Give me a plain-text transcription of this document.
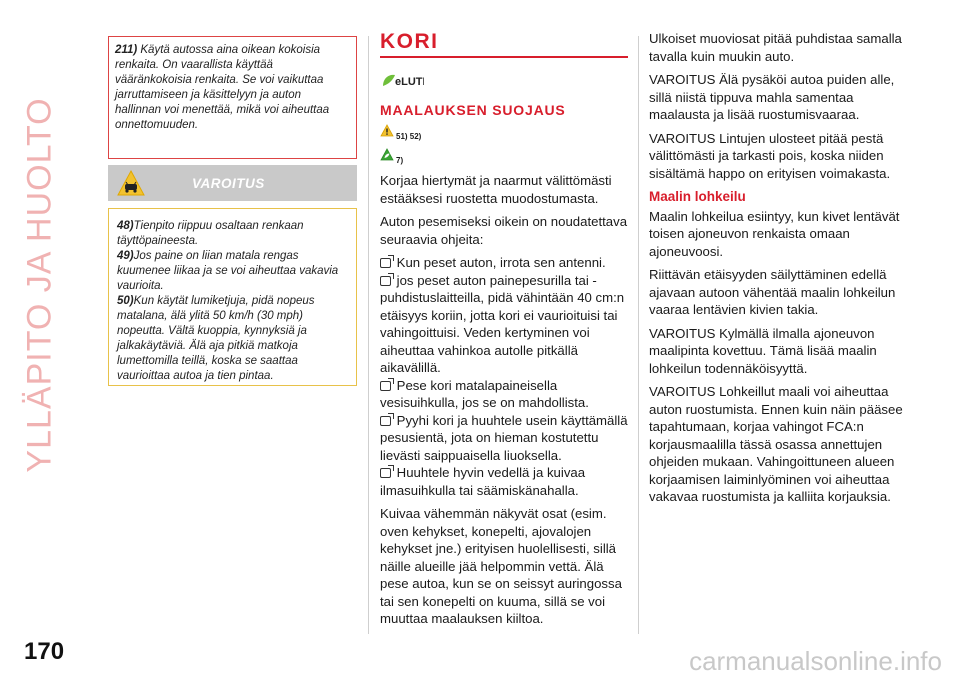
YLLÄPITO JA HUOLTO
170	carmanualsonline.info
211) Käytä autossa aina oikean kokoisia renkaita. On vaarallista käyttää vääränkokoisia renkaita. Se voi vaikuttaa jarruttamiseen ja käsittelyyn ja auton hallinnan voi menettää, mikä voi aiheuttaa onnettomuuden.
VAROITUS

48)Tienpito riippuu osaltaan renkaan täyttöpaineesta.

49)Jos paine on liian matala rengas kuumenee liikaa ja se voi aiheuttaa vakavia vaurioita.

50)Kun käytät lumiketjuja, pidä nopeus matalana, älä ylitä 50 km/h (30 mph) nopeutta. Vältä kuoppia, kynnyksiä ja jalkakäytäviä. Älä aja pitkiä matkoja lumettomilla teillä, koska se saattaa vaurioittaa autoa ja tien pintaa.

KORI
eLUTI
MAALAUKSEN SUOJAUS
51) 52)
7)

Korjaa hiertymät ja naarmut välittömästi estääksesi ruostetta muodostumasta.

Auton pesemiseksi oikein on noudatettava seuraavia ohjeita:

Kun peset auton, irrota sen antenni.
jos peset auton painepesurilla tai -puhdistuslaitteilla, pidä vähintään 40 cm:n etäisyys koriin, jotta kori ei vaurioituisi tai vahingoittuisi. Veden kertyminen voi aiheuttaa vahinkoa autolle pitkällä aikavälillä.
Pese kori matalapaineisella vesisuihkulla, jos se on mahdollista.
Pyyhi kori ja huuhtele usein käyttämällä pesusientä, jota on hieman kostutettu lievästi saippuaisella liuoksella.
Huuhtele hyvin vedellä ja kuivaa ilmasuihkulla tai säämiskänahalla.

Kuivaa vähemmän näkyvät osat (esim. oven kehykset, konepelti, ajovalojen kehykset jne.) erityisen huolellisesti, sillä näille alueille jää helpommin vettä. Älä pese autoa, kun se on seissyt auringossa tai sen konepelti on kuuma, sillä se voi muuttaa maalauksen kiiltoa.

Ulkoiset muoviosat pitää puhdistaa samalla tavalla kuin muukin auto.

VAROITUS Älä pysäköi autoa puiden alle, sillä niistä tippuva mahla samentaa maalausta ja lisää ruostumisvaaraa.

VAROITUS Lintujen ulosteet pitää pestä välittömästi ja tarkasti pois, koska niiden sisältämä happo on erityisen voimakasta.

Maalin lohkeilu

Maalin lohkeilua esiintyy, kun kivet lentävät toisen ajoneuvon renkaista omaan ajoneuvoosi.

Riittävän etäisyyden säilyttäminen edellä ajavaan autoon vähentää maalin lohkeilun vaaraa lentävien kivien takia.

VAROITUS Kylmällä ilmalla ajoneuvon maalipinta kovettuu. Tämä lisää maalin lohkeilun todennäköisyyttä.

VAROITUS Lohkeillut maali voi aiheuttaa auton ruostumista. Ennen kuin näin pääsee tapahtumaan, korjaa vahingot FCA:n korjausmaalilla tässä osassa annettujen ohjeiden mukaan. Vahingoittuneen alueen korjaamisen laiminlyöminen voi aiheuttaa vakavaa ruostumista ja kalliita korjauksia.
